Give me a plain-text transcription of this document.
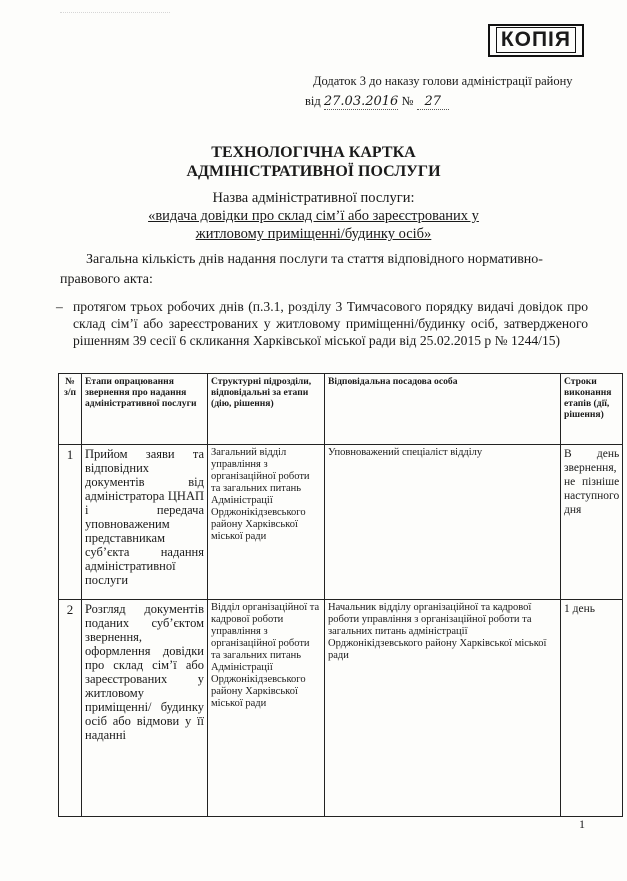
КОПІЯ
Додаток 3 до наказу голови адміністрації району
від 27.03.2016 № 27
ТЕХНОЛОГІЧНА КАРТКА
АДМІНІСТРАТИВНОЇ ПОСЛУГИ
Назва адміністративної послуги:
«видача довідки про склад сім’ї або зареєстрованих у
житловому приміщенні/будинку осіб»

Загальна кількість днів надання послуги та стаття відповідного нормативно-правового акта:

– протягом трьох робочих днів (п.3.1, розділу 3 Тимчасового порядку видачі довідок про склад сім’ї або зареєстрованих у житловому приміщенні/будинку осіб, затвердженого рішенням 39 сесії 6 скликання Харківської міської ради від 25.02.2015 р № 1244/15)
№ з/п	Етапи опрацювання звернення про надання адміністративної послуги	Структурні підрозділи, відповідальні за етапи (дію, рішення)	Відповідальна посадова особа	Строки виконання етапів (дії, рішення)
1	Прийом заяви та відповідних документів від адміністратора ЦНАП і передача уповноваженим представникам суб’єкта надання адміністративної послуги	Загальний відділ управління з організаційної роботи та загальних питань Адміністрації Орджонікідзевського району Харківської міської ради	Уповноважений спеціаліст відділу	В день звернення, не пізніше наступного дня
2	Розгляд документів поданих суб’єктом звернення, оформлення довідки про склад сім’ї або зареєстрованих у житловому приміщенні/ будинку осіб або відмови у її наданні	Відділ організаційної та кадрової роботи управління з організаційної роботи та загальних питань Адміністрації Орджонікідзевського району Харківської міської ради	Начальник відділу організаційної та кадрової роботи управління з організаційної роботи та загальних питань адміністрації Орджонікідзевського району Харківської міської ради	1 день
1
